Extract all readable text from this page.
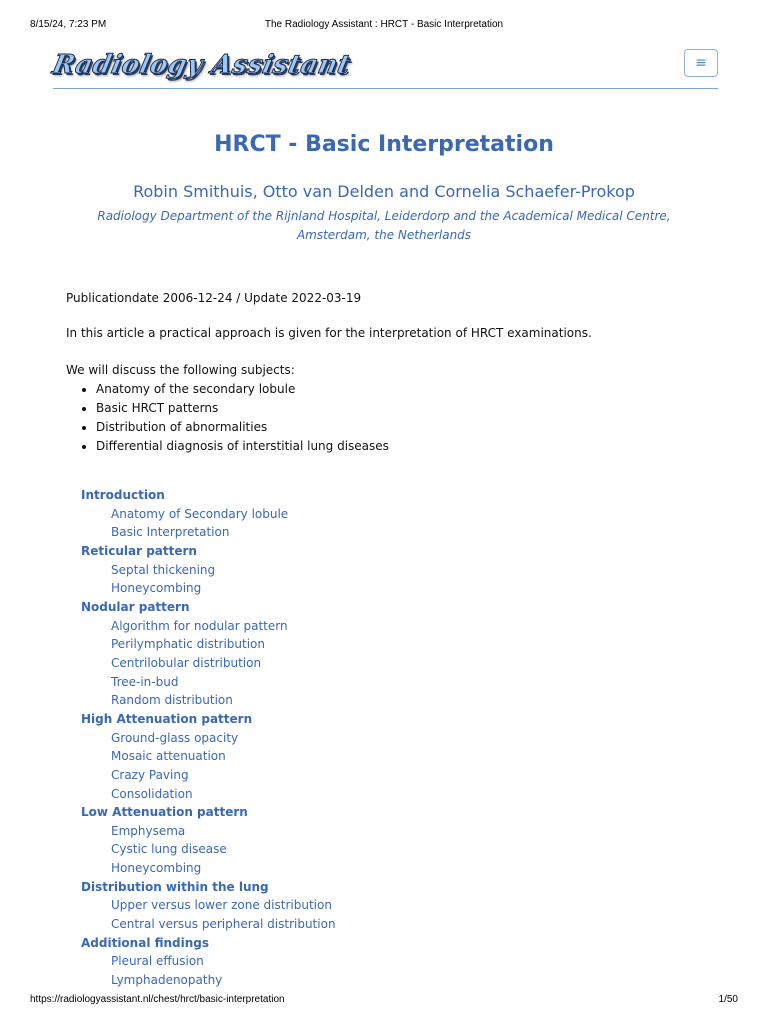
8/15/24, 7:23 PM	The Radiology Assistant : HRCT - Basic Interpretation
Radiology Assistant	≡
HRCT - Basic Interpretation

Robin Smithuis, Otto van Delden and Cornelia Schaefer-Prokop

Radiology Department of the Rijnland Hospital, Leiderdorp and the Academical Medical Centre, Amsterdam, the Netherlands

Publicationdate 2006-12-24 / Update 2022-03-19

In this article a practical approach is given for the interpretation of HRCT examinations.

We will discuss the following subjects:

• Anatomy of the secondary lobule
• Basic HRCT patterns
• Distribution of abnormalities
• Differential diagnosis of interstitial lung diseases
Introduction
Anatomy of Secondary lobule
Basic Interpretation
Reticular pattern
Septal thickening
Honeycombing
Nodular pattern
Algorithm for nodular pattern
Perilymphatic distribution
Centrilobular distribution
Tree-in-bud
Random distribution
High Attenuation pattern
Ground-glass opacity
Mosaic attenuation
Crazy Paving
Consolidation
Low Attenuation pattern
Emphysema
Cystic lung disease
Honeycombing
Distribution within the lung
Upper versus lower zone distribution
Central versus peripheral distribution
Additional findings
Pleural effusion
Lymphadenopathy
https://radiologyassistant.nl/chest/hrct/basic-interpretation	1/50
